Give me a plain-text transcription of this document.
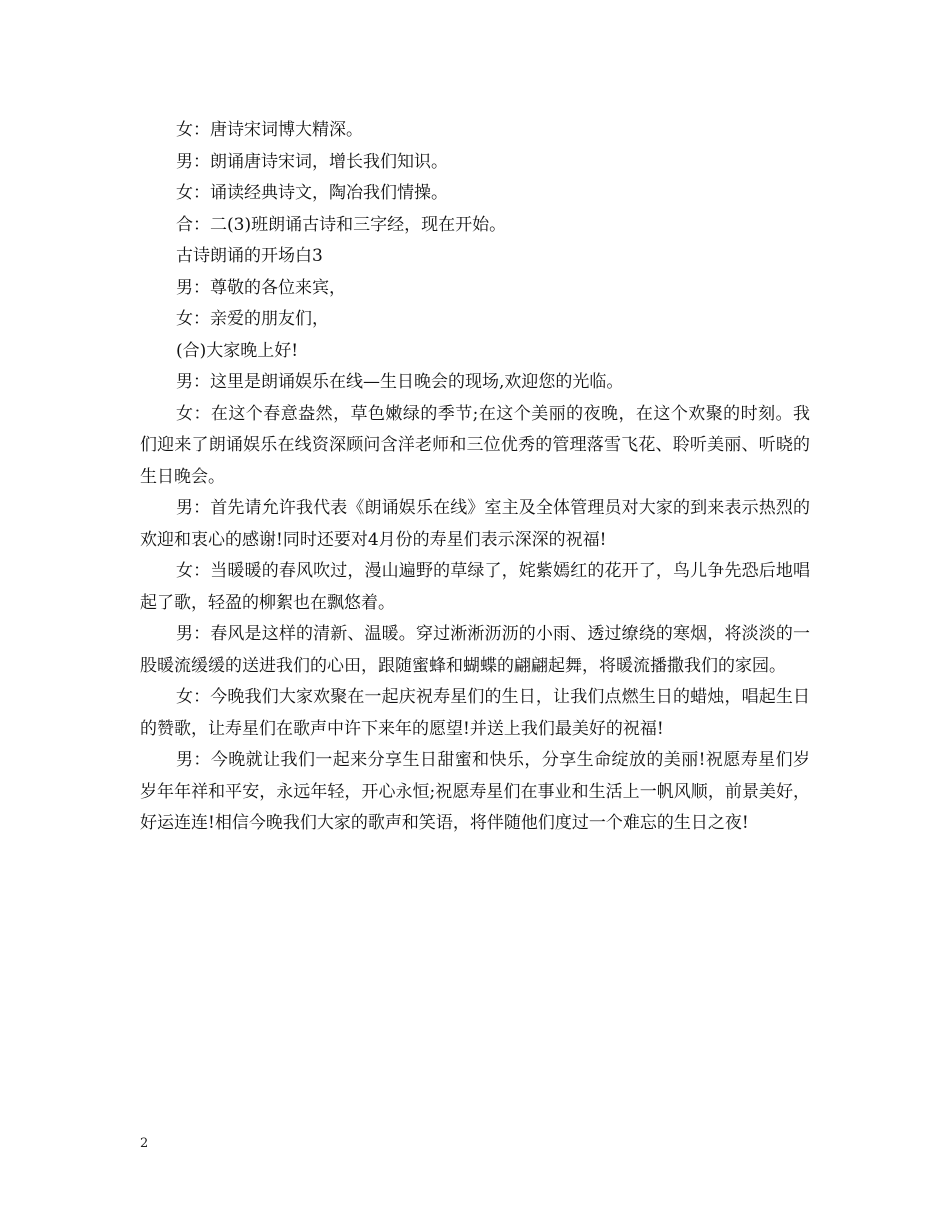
女：唐诗宋词博大精深。

男：朗诵唐诗宋词，增长我们知识。

女：诵读经典诗文，陶冶我们情操。

合：二(3)班朗诵古诗和三字经，现在开始。

古诗朗诵的开场白3

男：尊敬的各位来宾，

女：亲爱的朋友们，

(合)大家晚上好!

男：这里是朗诵娱乐在线—生日晚会的现场,欢迎您的光临。

女：在这个春意盎然，草色嫩绿的季节;在这个美丽的夜晚，在这个欢聚的时刻。我们迎来了朗诵娱乐在线资深顾问含洋老师和三位优秀的管理落雪飞花、聆听美丽、听晓的生日晚会。

男：首先请允许我代表《朗诵娱乐在线》室主及全体管理员对大家的到来表示热烈的欢迎和衷心的感谢!同时还要对4月份的寿星们表示深深的祝福!

女：当暖暖的春风吹过，漫山遍野的草绿了，姹紫嫣红的花开了，鸟儿争先恐后地唱起了歌，轻盈的柳絮也在飘悠着。

男：春风是这样的清新、温暖。穿过淅淅沥沥的小雨、透过缭绕的寒烟，将淡淡的一股暖流缓缓的送进我们的心田，跟随蜜蜂和蝴蝶的翩翩起舞，将暖流播撒我们的家园。

女：今晚我们大家欢聚在一起庆祝寿星们的生日，让我们点燃生日的蜡烛，唱起生日的赞歌，让寿星们在歌声中许下来年的愿望!并送上我们最美好的祝福!

男：今晚就让我们一起来分享生日甜蜜和快乐，分享生命绽放的美丽!祝愿寿星们岁岁年年祥和平安，永远年轻，开心永恒;祝愿寿星们在事业和生活上一帆风顺，前景美好，好运连连!相信今晚我们大家的歌声和笑语，将伴随他们度过一个难忘的生日之夜!

2
